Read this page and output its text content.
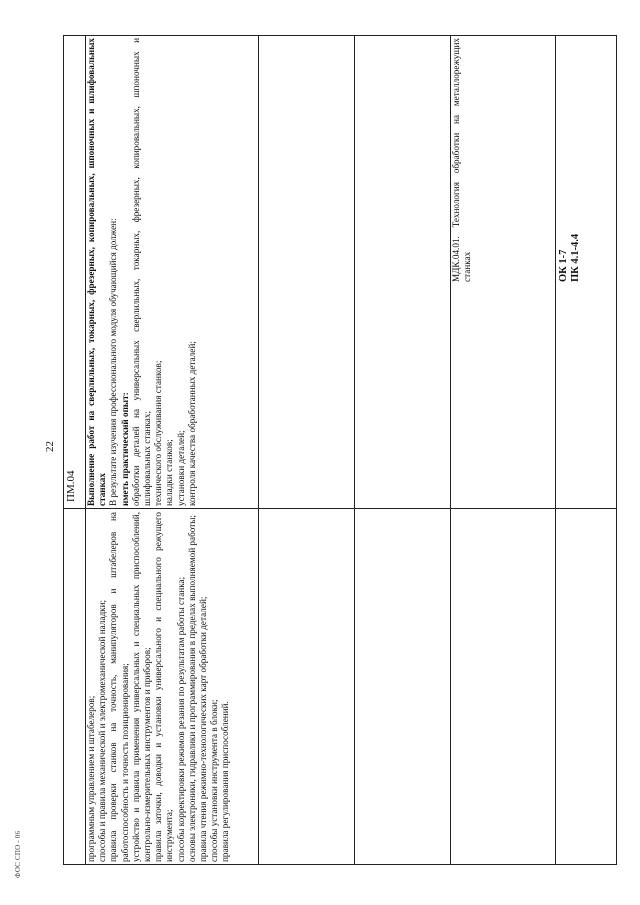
22
ФОС СПО - 06	программным управлением и штабелеров; способы и правила механической и электромеханической наладки; правила проверки станков на точность, манипуляторов и штабелеров на работоспособность и точность позиционирования; устройство и правила применения универсальных и специальных приспособлений, контрольно-измерительных инструментов и приборов; правила заточки, доводки и установки универсального и специального режущего инструмента; способы корректировки режимов резания по результатам работы станка; основы электроники, гидравлики и программирования в пределах выполняемой работы; правила чтения режимно-технологических карт обработки деталей; способы установки инструмента в блоки; правила регулирования приспособлений.

ПМ.04 Выполнение работ на сверлильных, токарных, фрезерных, копировальных, шпоночных и шлифовальных станках В результате изучения профессионального модуля обучающийся должен: иметь практический опыт: обработки деталей на универсальных сверлильных, токарных, фрезерных, копировальных, шпоночных и шлифовальных станках; технического обслуживания станков; наладки станков; установки деталей; контроля качества обработанных деталей;

МДК.04.01. Технология обработки на металлорежущих станках	ОК 1-7 ПК 4.1-4.4
